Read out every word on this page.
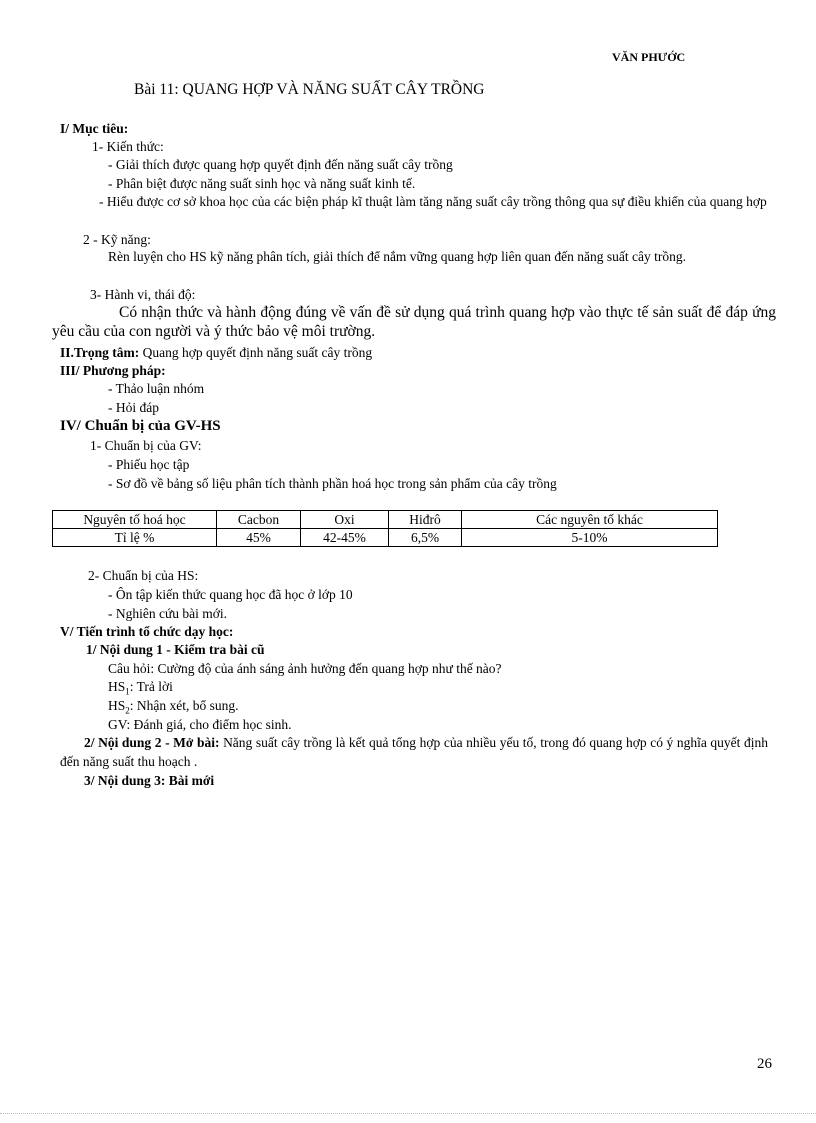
VĂN PHƯỚC
Bài 11: QUANG HỢP VÀ NĂNG SUẤT CÂY TRỒNG
I/ Mục tiêu:
1- Kiến thức:
- Giải thích được quang hợp quyết định đến năng suất cây trồng
- Phân biệt được năng suất sinh học và năng suất kinh tế.
- Hiểu được cơ sở khoa học của các biện pháp kĩ thuật làm tăng năng suất cây trồng thông qua sự điều khiển của quang hợp
2 - Kỹ năng:
Rèn luyện cho HS kỹ năng phân tích, giải thích để nắm vững quang hợp liên quan đến năng suất cây trồng.
3- Hành vi, thái độ:
Có nhận thức và hành động đúng về vấn đề sử dụng quá trình quang hợp vào thực tế sản suất để đáp ứng yêu cầu của con người và ý thức bảo vệ môi trường.
II.Trọng tâm: Quang hợp quyết định năng suất cây trồng
III/ Phương pháp:
- Thảo luận nhóm
- Hỏi đáp
IV/ Chuẩn bị của GV-HS
1- Chuẩn bị của GV:
- Phiếu học tập
- Sơ đồ về bảng số liệu phân tích thành phần hoá học trong sản phẩm của cây trồng
Nguyên tố hoá học	Cacbon	Oxi	Hiđrô	Các nguyên tố khác
Tỉ lệ %	45%	42-45%	6,5%	5-10%
2- Chuẩn bị của HS:
- Ôn tập kiến thức quang học đã học ở lớp 10
- Nghiên cứu bài mới.
V/ Tiến trình tổ chức dạy học:
1/ Nội dung 1 - Kiểm tra bài cũ
Câu hỏi: Cường độ của ánh sáng ảnh hưởng đến quang hợp như thế nào?
$HS_1$: Trả lời
$HS_2$: Nhận xét, bổ sung.
GV: Đánh giá, cho điểm học sinh.
2/ Nội dung 2 - Mở bài: Năng suất cây trồng là kết quả tổng hợp của nhiều yếu tố, trong đó quang hợp có ý nghĩa quyết định đến năng suất thu hoạch .
3/ Nội dung 3: Bài mới
26
